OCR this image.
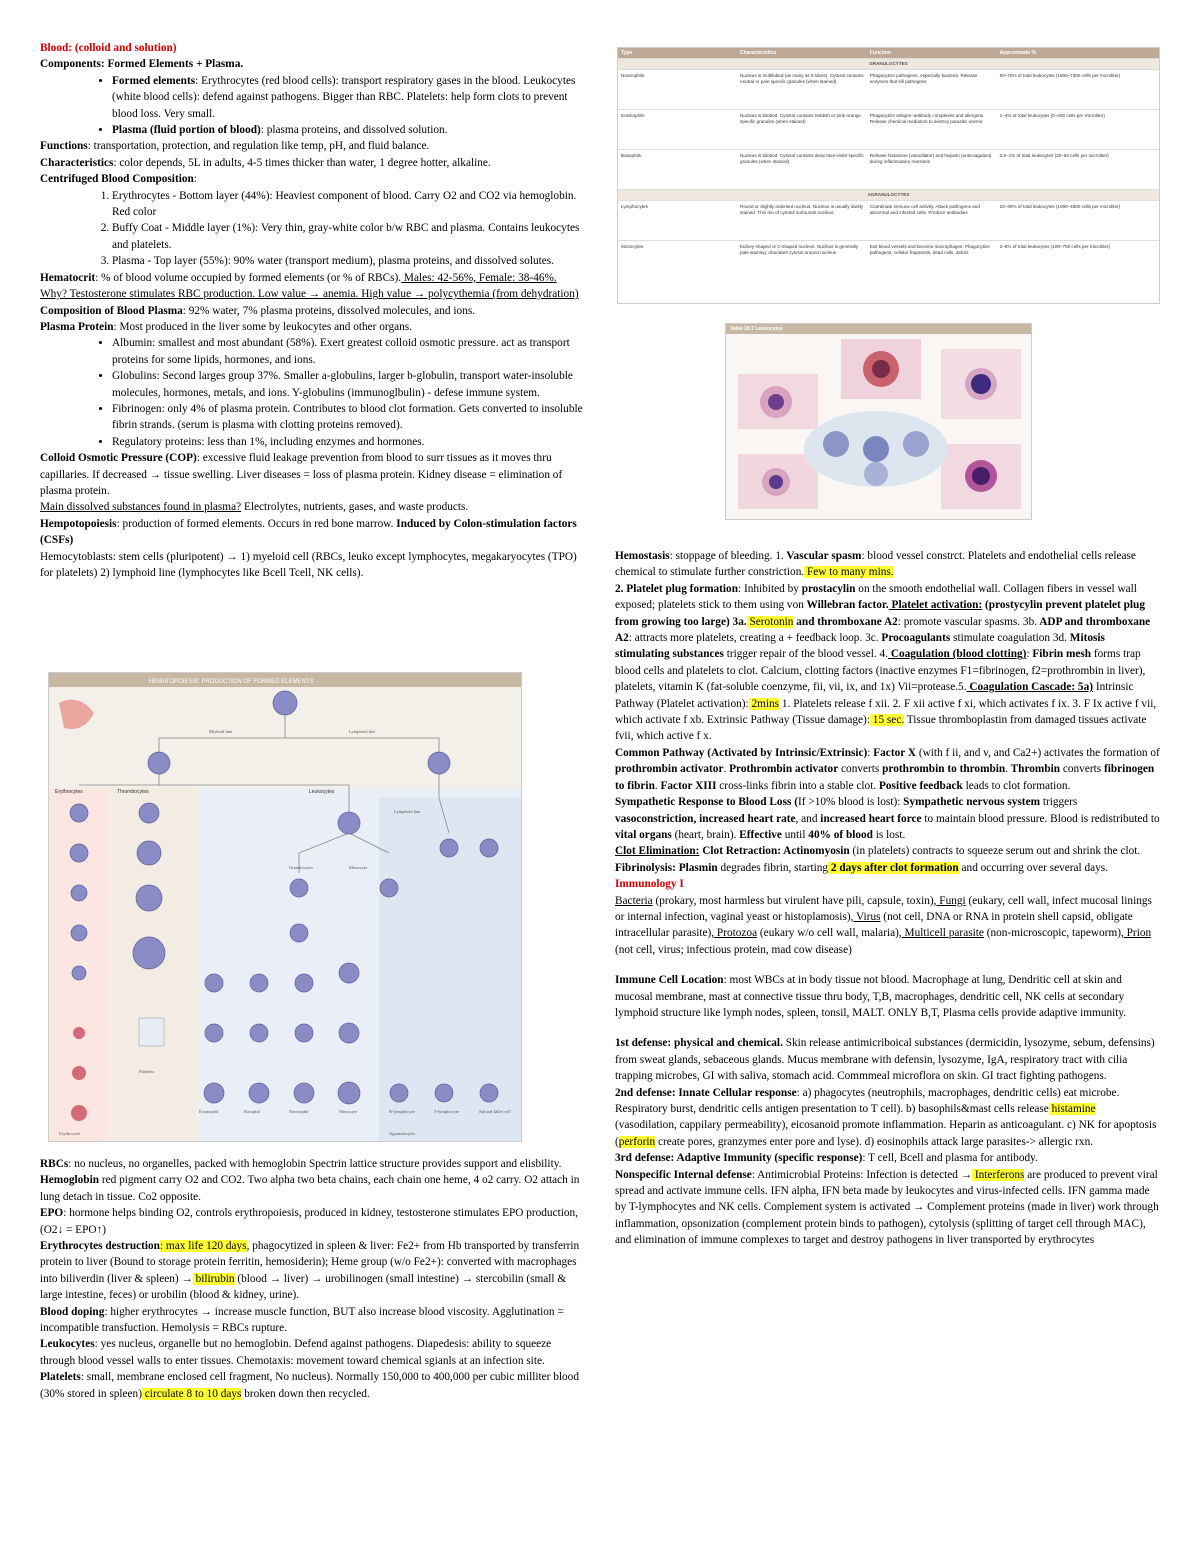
Blood: (colloid and solution)

Components: Formed Elements + Plasma.

• Formed elements: Erythrocytes (red blood cells): transport respiratory gases in the blood. Leukocytes (white blood cells): defend against pathogens. Bigger than RBC. Platelets: help form clots to prevent blood loss. Very small.
• Plasma (fluid portion of blood): plasma proteins, and dissolved solution.

Functions: transportation, protection, and regulation like temp, pH, and fluid balance.

Characteristics: color depends, 5L in adults, 4-5 times thicker than water, 1 degree hotter, alkaline.

Centrifuged Blood Composition:

1. Erythrocytes - Bottom layer (44%): Heaviest component of blood. Carry O2 and CO2 via hemoglobin. Red color
2. Buffy Coat - Middle layer (1%): Very thin, gray-white color b/w RBC and plasma. Contains leukocytes and platelets.
3. Plasma - Top layer (55%): 90% water (transport medium), plasma proteins, and dissolved solutes.

Hematocrit: % of blood volume occupied by formed elements (or % of RBCs). Males: 42-56%, Female: 38-46%. Why? Testosterone stimulates RBC production. Low value → anemia. High value → polycythemia (from dehydration)

Composition of Blood Plasma: 92% water, 7% plasma proteins, dissolved molecules, and ions.

Plasma Protein: Most produced in the liver some by leukocytes and other organs.

• Albumin: smallest and most abundant (58%). Exert greatest colloid osmotic pressure. act as transport proteins for some lipids, hormones, and ions.
• Globulins: Second larges group 37%. Smaller a-globulins, larger b-globulin, transport water-insoluble molecules, hormones, metals, and ions. Y-globulins (immunoglbulin) - defese immune system.
• Fibrinogen: only 4% of plasma protein. Contributes to blood clot formation. Gets converted to insoluble fibrin strands. (serum is plasma with clotting proteins removed).
• Regulatory proteins: less than 1%, including enzymes and hormones.

Colloid Osmotic Pressure (COP): excessive fluid leakage prevention from blood to surr tissues as it moves thru capillaries. If decreased → tissue swelling. Liver diseases = loss of plasma protein. Kidney disease = elimination of plasma protein.

Main dissolved substances found in plasma? Electrolytes, nutrients, gases, and waste products.

Hempotopoiesis: production of formed elements. Occurs in red bone marrow. Induced by Colon-stimulation factors (CSFs)

Hemocytoblasts: stem cells (pluripotent) → 1) myeloid cell (RBCs, leuko except lymphocytes, megakaryocytes (TPO) for platelets) 2) lymphoid line (lymphocytes like Bcell Tcell, NK cells).

HEMATOPOIESIS: PRODUCTION OF FORMED ELEMENTS
Erythrocytes	Thrombocytes	Leukocytes
Myeloid line	Lymphoid line
Lymphoid line
Granulocytes	Monocyte
Platelets
Eosinophil	Basophil	Neutrophil	Monocyte	B-lymphocyte	T-lymphocyte	Natural killer cell
Erythrocyte	Agranulocytes
Type	Characteristics	Function	Approximate %
GRANULOCYTES			
Neutrophils	Nucleus is multilobed (as many as 5 lobes). Cytosol contains neutral or pale specific granules (when stained)	Phagocytize pathogens, especially bacteria. Release enzymes that kill pathogens	50–70% of total leukocytes (1800–7300 cells per microliter)
Eosinophils	Nucleus is bilobed. Cytosol contains reddish or pink-orange specific granules (when stained)	Phagocytize antigen–antibody complexes and allergens. Release chemical mediators to destroy parasitic worms	1–4% of total leukocytes (0–400 cells per microliter)
Basophils	Nucleus is bilobed. Cytosol contains deep blue-violet specific granules (when stained)	Release histamine (vasodilator) and heparin (anticoagulant) during inflammatory reactions	0.5–1% of total leukocytes (20–50 cells per microliter)
AGRANULOCYTES			
Lymphocytes	Round or slightly indented nucleus. Nucleus is usually darkly stained. Thin rim of cytosol surrounds nucleus	Coordinate immune cell activity. Attack pathogens and abnormal and infected cells. Produce antibodies	20–40% of total leukocytes (1000–4800 cells per microliter)
Monocytes	Kidney-shaped or C-shaped nucleus. Nucleus is generally pale staining. Abundant cytosol around nucleus	Exit blood vessels and become macrophages. Phagocytize pathogens, cellular fragments, dead cells, debris	2–8% of total leukocytes (100–700 cells per microliter)
Table 18.7 Leukocytes

RBCs: no nucleus, no organelles, packed with hemoglobin Spectrin lattice structure provides support and elisbility. Hemoglobin red pigment carry O2 and CO2. Two alpha two beta chains, each chain one heme, 4 o2 carry. O2 attach in lung detach in tissue. Co2 opposite.

EPO: hormone helps binding O2, controls erythropoiesis, produced in kidney, testosterone stimulates EPO production, (O2↓ = EPO↑)

Erythrocytes destruction: max life 120 days, phagocytized in spleen & liver: Fe2+ from Hb transported by transferrin protein to liver (Bound to storage protein ferritin, hemosiderin); Heme group (w/o Fe2+): converted with macrophages into biliverdin (liver & spleen) → bilirubin (blood → liver) → urobilinogen (small intestine) → stercobilin (small & large intestine, feces) or urobilin (blood & kidney, urine).

Blood doping: higher erythrocytes → increase muscle function, BUT also increase blood viscosity. Agglutination = incompatible transfuction. Hemolysis = RBCs rupture.

Leukocytes: yes nucleus, organelle but no hemoglobin. Defend against pathogens. Diapedesis: ability to squeeze through blood vessel walls to enter tissues. Chemotaxis: movement toward chemical sgianls at an infection site.

Platelets: small, membrane enclosed cell fragment, No nucleus). Normally 150,000 to 400,000 per cubic milliter blood (30% stored in spleen) circulate 8 to 10 days broken down then recycled.

Hemostasis: stoppage of bleeding. 1. Vascular spasm: blood vessel constrct. Platelets and endothelial cells release chemical to stimulate further constriction. Few to many mins.
2. Platelet plug formation: Inhibited by prostacylin on the smooth endothelial wall. Collagen fibers in vessel wall exposed; platelets stick to them using von Willebran factor. Platelet activation: (prostycylin prevent platelet plug from growing too large) 3a. Serotonin and thromboxane A2: promote vascular spasms. 3b. ADP and thromboxane A2: attracts more platelets, creating a + feedback loop. 3c. Procoagulants stimulate coagulation 3d. Mitosis stimulating substances trigger repair of the blood vessel. 4. Coagulation (blood clotting): Fibrin mesh forms trap blood cells and platelets to clot. Calcium, clotting factors (inactive enzymes F1=fibrinogen, f2=prothrombin in liver), platelets, vitamin K (fat-soluble coenzyme, fii, vii, ix, and 1x) Vii=protease.5. Coagulation Cascade: 5a) Intrinsic Pathway (Platelet activation): 2mins 1. Platelets release f xii. 2. F xii active f xi, which activates f ix. 3. F Ix active f vii, which activate f xb. Extrinsic Pathway (Tissue damage): 15 sec. Tissue thromboplastin from damaged tissues activate fvii, which active f x.

Common Pathway (Activated by Intrinsic/Extrinsic): Factor X (with f ii, and v, and Ca2+) activates the formation of prothrombin activator. Prothrombin activator converts prothrombin to thrombin. Thrombin converts fibrinogen to fibrin. Factor XIII cross-links fibrin into a stable clot. Positive feedback leads to clot formation.

Sympathetic Response to Blood Loss (If >10% blood is lost): Sympathetic nervous system triggers vasoconstriction, increased heart rate, and increased heart force to maintain blood pressure. Blood is redistributed to vital organs (heart, brain). Effective until 40% of blood is lost.
Clot Elimination: Clot Retraction: Actinomyosin (in platelets) contracts to squeeze serum out and shrink the clot. Fibrinolysis: Plasmin degrades fibrin, starting 2 days after clot formation and occurring over several days.

Immunology I

Bacteria (prokary, most harmless but virulent have pili, capsule, toxin), Fungi (eukary, cell wall, infect mucosal linings or internal infection, vaginal yeast or histoplamosis), Virus (not cell, DNA or RNA in protein shell capsid, obligate intracellular parasite), Protozoa (eukary w/o cell wall, malaria), Multicell parasite (non-microscopic, tapeworm), Prion (not cell, virus; infectious protein, mad cow disease)

Immune Cell Location: most WBCs at in body tissue not blood. Macrophage at lung, Dendritic cell at skin and mucosal membrane, mast at connective tissue thru body, T,B, macrophages, dendritic cell, NK cells at secondary lymphoid structure like lymph nodes, spleen, tonsil, MALT. ONLY B,T, Plasma cells provide adaptive immunity.

1st defense: physical and chemical. Skin release antimicriboical substances (dermicidin, lysozyme, sebum, defensins) from sweat glands, sebaceous glands. Mucus membrane with defensin, lysozyme, IgA, respiratory tract with cilia trapping microbes, GI with saliva, stomach acid. Commmeal microflora on skin. GI tract fighting pathogens.

2nd defense: Innate Cellular response: a) phagocytes (neutrophils, macrophages, dendritic cells) eat microbe. Respiratory burst, dendritic cells antigen presentation to T cell). b) basophils&mast cells release histamine (vasodilation, cappilary permeability), eicosanoid promote inflammation. Heparin as anticoagulant. c) NK for apoptosis (perforin create pores, granzymes enter pore and lyse). d) eosinophils attack large parasites-> allergic rxn.

3rd defense: Adaptive Immunity (specific response): T cell, Bcell and plasma for antibody.

Nonspecific Internal defense: Antimicrobial Proteins: Infection is detected → Interferons are produced to prevent viral spread and activate immune cells. IFN alpha, IFN beta made by leukocytes and virus-infected cells. IFN gamma made by T-lymphocytes and NK cells. Complement system is activated → Complement proteins (made in liver) work through inflammation, opsonization (complement protein binds to pathogen), cytolysis (splitting of target cell through MAC), and elimination of immune complexes to target and destroy pathogens in liver transported by erythrocytes
